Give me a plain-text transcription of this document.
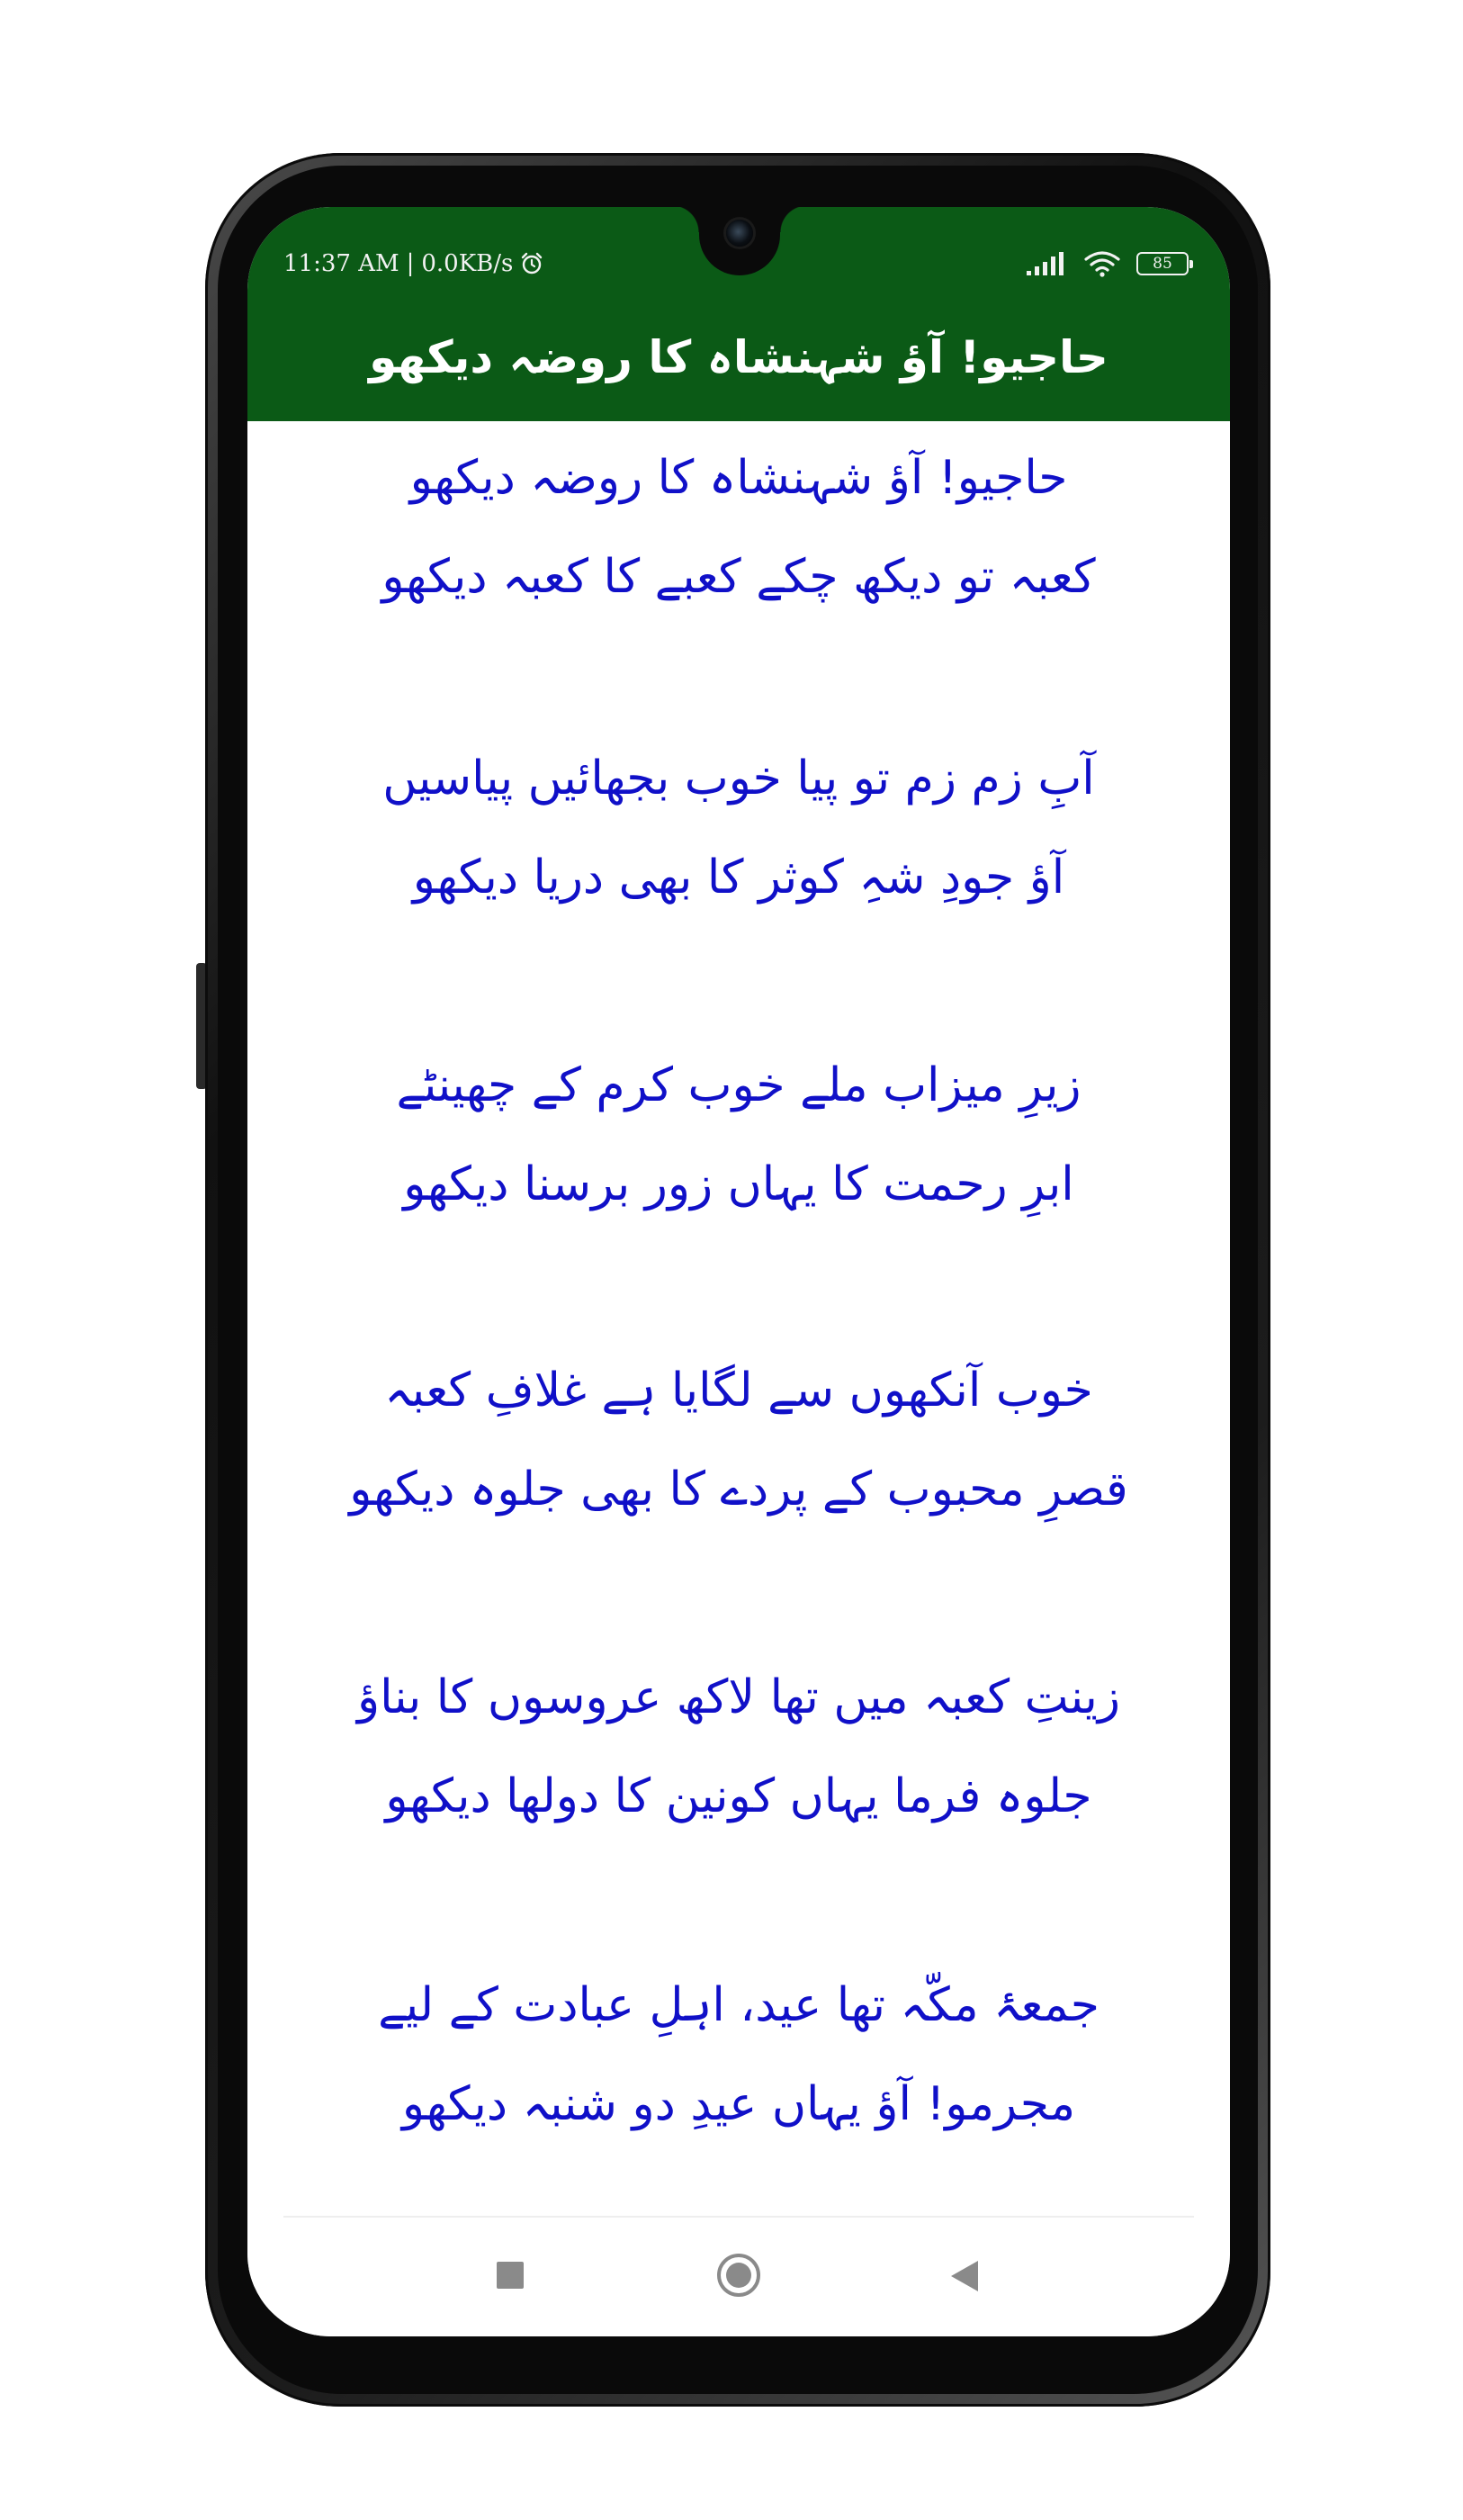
11:37 AM | 0.0KB/s	85
حاجیو! آؤ شہنشاہ کا روضہ دیکھو
حاجیو! آؤ شہنشاہ کا روضہ دیکھو
کعبہ تو دیکھ چکے کعبے کا کعبہ دیکھو
آبِ زم زم تو پیا خوب بجھائیں پیاسیں
آؤ جودِ شہِ کوثر کا بھی دریا دیکھو
زیرِ میزاب ملے خوب کرم کے چھینٹے
ابرِ رحمت کا یہاں زور برسنا دیکھو
خوب آنکھوں سے لگایا ہے غلافِ کعبہ
قصرِ محبوب کے پردے کا بھی جلوہ دیکھو
زینتِ کعبہ میں تھا لاکھ عروسوں کا بناؤ
جلوہ فرما یہاں کونین کا دولھا دیکھو
جمعۂ مکّہ تھا عید، اہلِ عبادت کے لیے
مجرمو! آؤ یہاں عیدِ دو شنبہ دیکھو
